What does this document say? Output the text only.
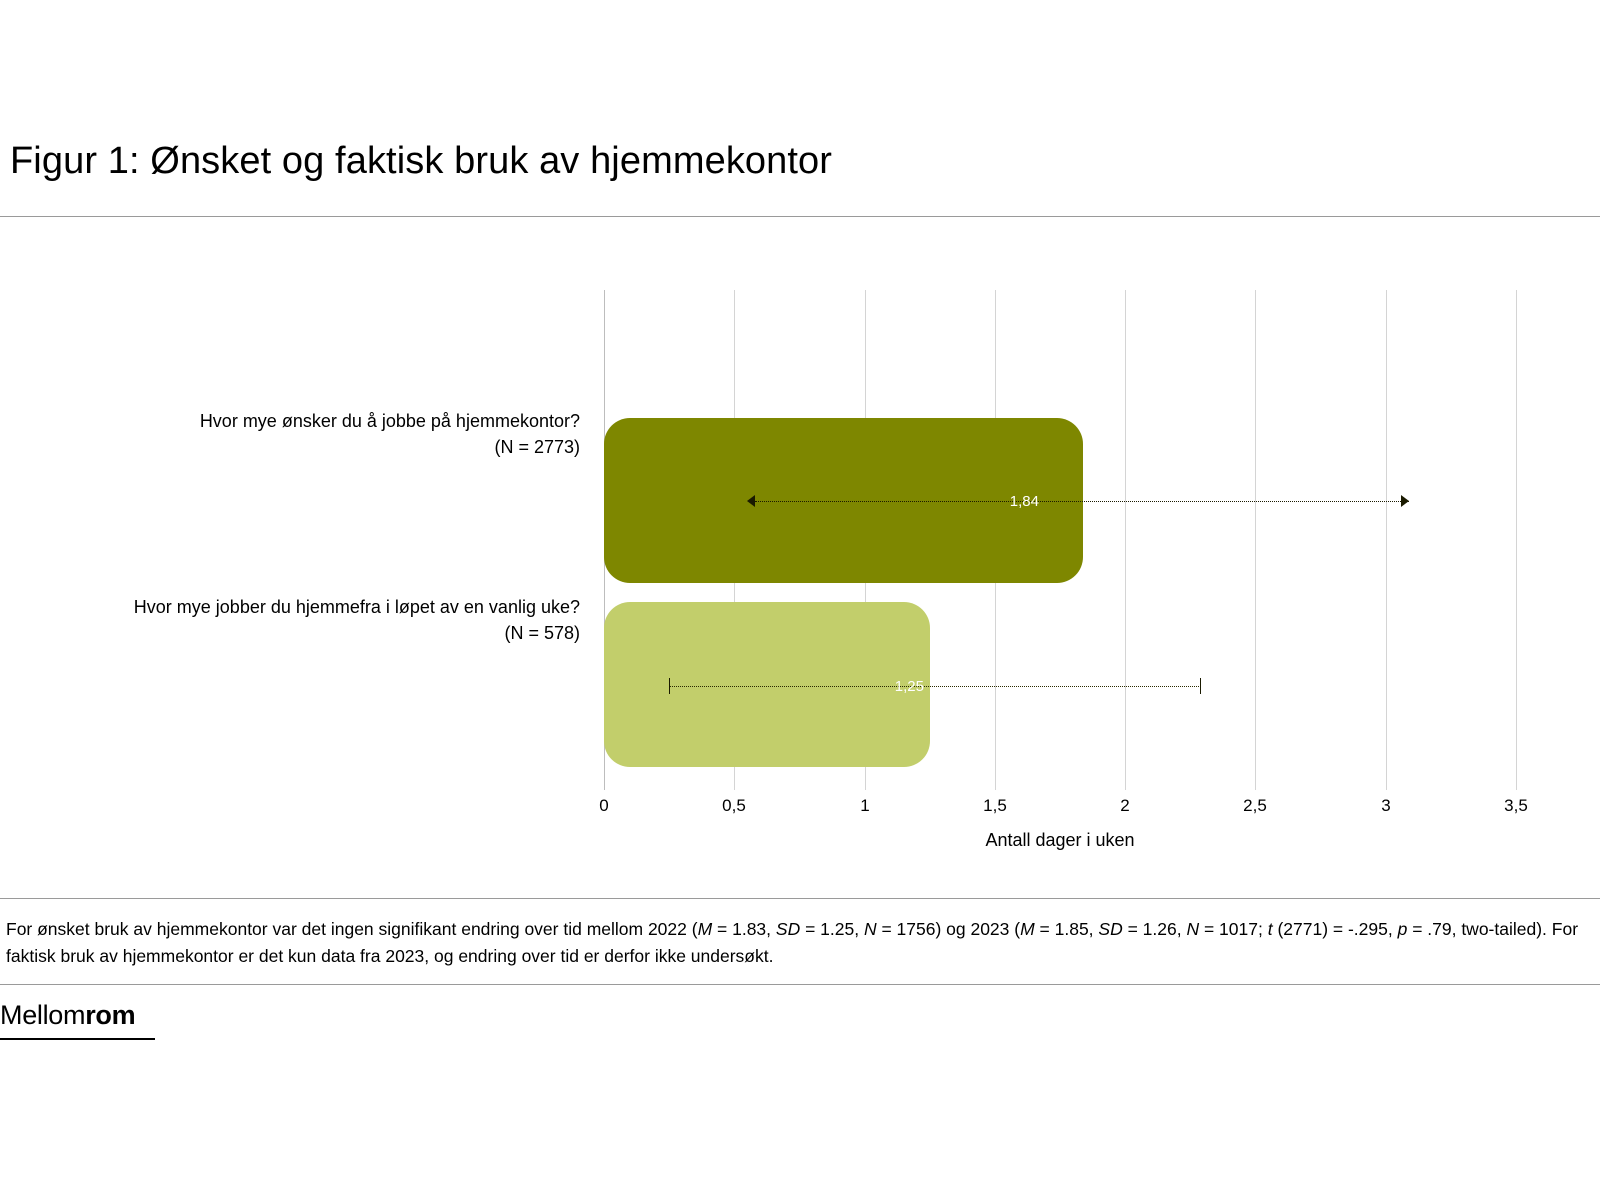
Figur 1: Ønsket og faktisk bruk av hjemmekontor
Hvor mye ønsker du å jobbe på hjemmekontor?
(N = 2773)
Hvor mye jobber du hjemmefra i løpet av en vanlig uke?
(N = 578)
1,84
1,25
0	0,5	1	1,5	2	2,5	3	3,5
Antall dager i uken
For ønsket bruk av hjemmekontor var det ingen signifikant endring over tid mellom 2022 (M = 1.83, SD = 1.25, N = 1756) og 2023 (M = 1.85, SD = 1.26, N = 1017; t (2771) = -.295, p = .79, two-tailed). For faktisk bruk av hjemmekontor er det kun data fra 2023, og endring over tid er derfor ikke undersøkt.
Mellomrom
